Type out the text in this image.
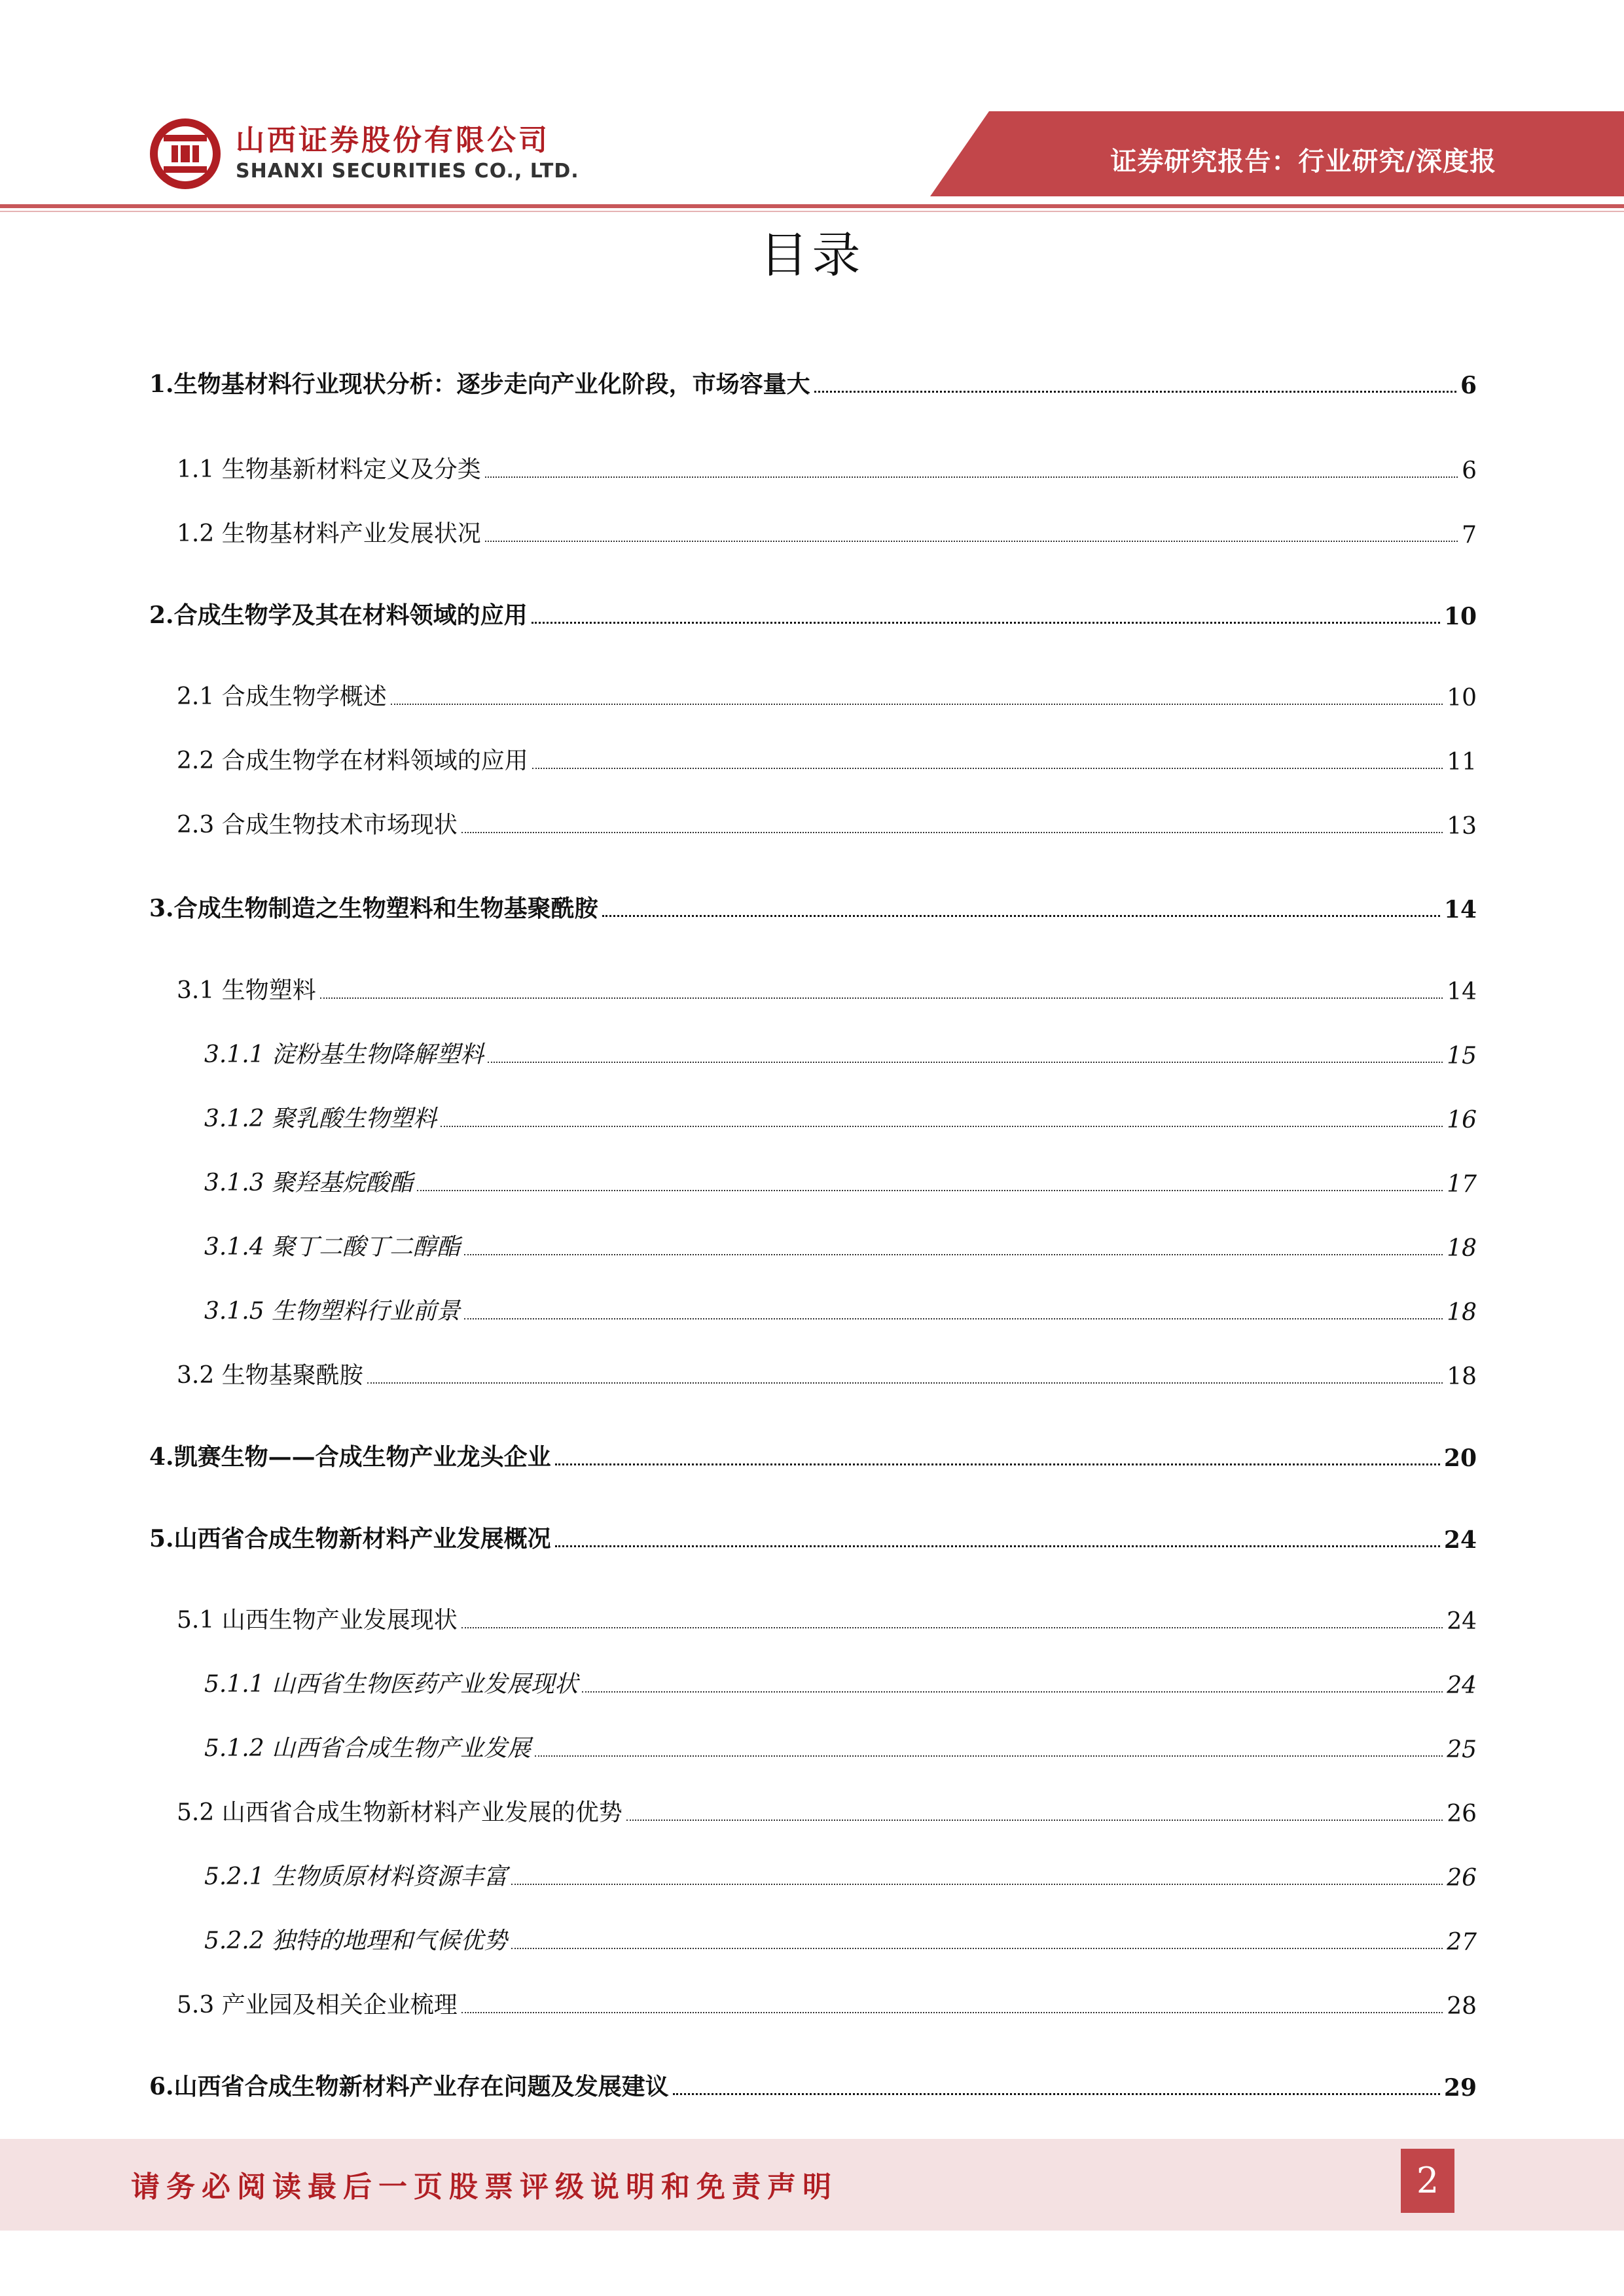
山西证券股份有限公司
SHANXI SECURITIES CO., LTD.	证券研究报告：行业研究/深度报
目录
1.生物基材料行业现状分析：逐步走向产业化阶段，市场容量大	6
1.1 生物基新材料定义及分类	6
1.2 生物基材料产业发展状况	7
2.合成生物学及其在材料领域的应用	10
2.1 合成生物学概述	10
2.2 合成生物学在材料领域的应用	11
2.3 合成生物技术市场现状	13
3.合成生物制造之生物塑料和生物基聚酰胺	14
3.1 生物塑料	14
3.1.1 淀粉基生物降解塑料	15
3.1.2 聚乳酸生物塑料	16
3.1.3 聚羟基烷酸酯	17
3.1.4 聚丁二酸丁二醇酯	18
3.1.5 生物塑料行业前景	18
3.2 生物基聚酰胺	18
4.凯赛生物——合成生物产业龙头企业	20
5.山西省合成生物新材料产业发展概况	24
5.1 山西生物产业发展现状	24
5.1.1 山西省生物医药产业发展现状	24
5.1.2 山西省合成生物产业发展	25
5.2 山西省合成生物新材料产业发展的优势	26
5.2.1 生物质原材料资源丰富	26
5.2.2 独特的地理和气候优势	27
5.3 产业园及相关企业梳理	28
6.山西省合成生物新材料产业存在问题及发展建议	29
请务必阅读最后一页股票评级说明和免责声明	2
